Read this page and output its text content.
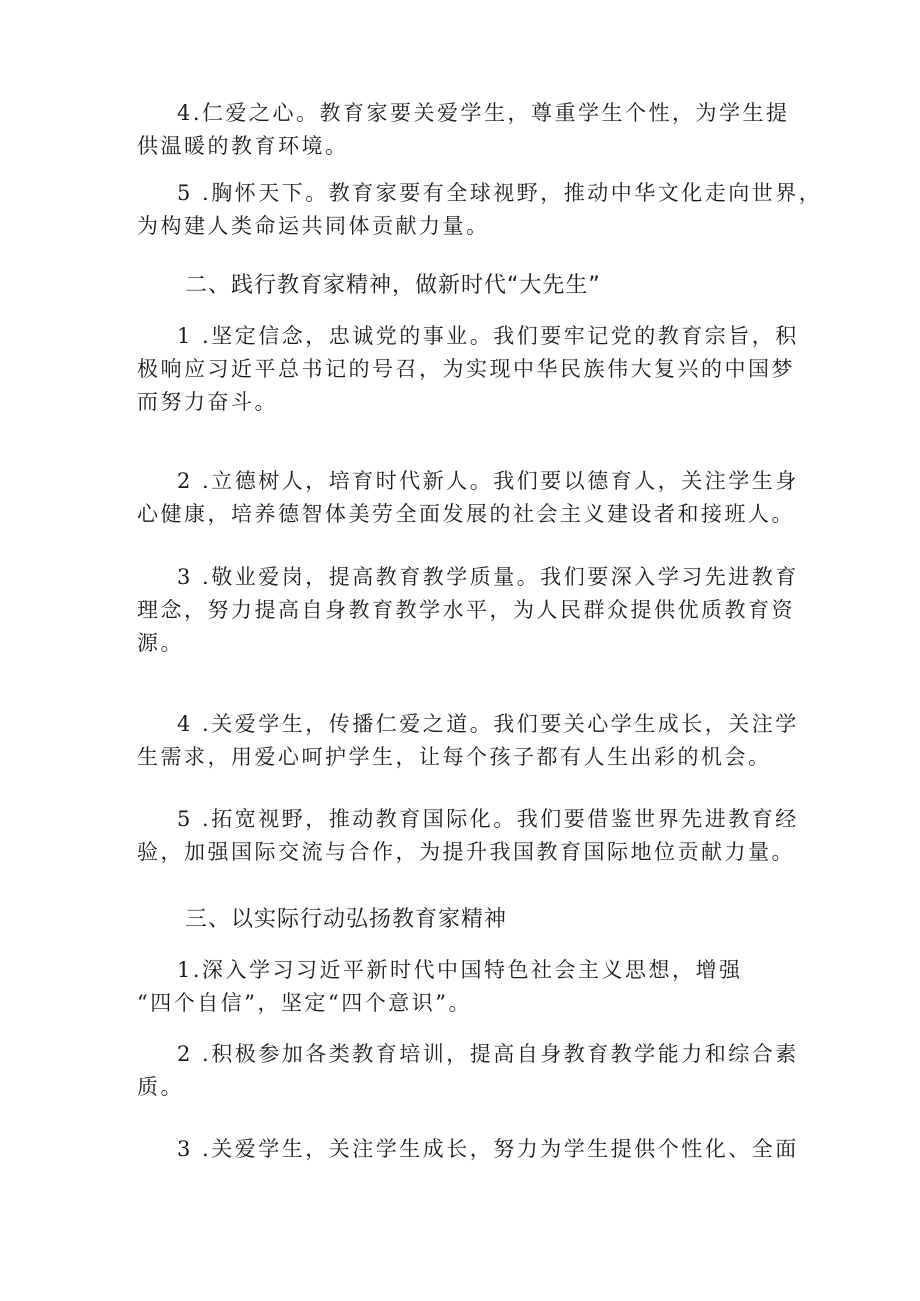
4.仁爱之心。教育家要关爱学生，尊重学生个性，为学生提
供温暖的教育环境。
5 .胸怀天下。教育家要有全球视野，推动中华文化走向世界，
为构建人类命运共同体贡献力量。
二、践行教育家精神，做新时代“大先生”
1 .坚定信念，忠诚党的事业。我们要牢记党的教育宗旨，积
极响应习近平总书记的号召，为实现中华民族伟大复兴的中国梦
而努力奋斗。
2 .立德树人，培育时代新人。我们要以德育人，关注学生身
心健康，培养德智体美劳全面发展的社会主义建设者和接班人。
3 .敬业爱岗，提高教育教学质量。我们要深入学习先进教育
理念，努力提高自身教育教学水平，为人民群众提供优质教育资
源。
4 .关爱学生，传播仁爱之道。我们要关心学生成长，关注学
生需求，用爱心呵护学生，让每个孩子都有人生出彩的机会。
5 .拓宽视野，推动教育国际化。我们要借鉴世界先进教育经
验，加强国际交流与合作，为提升我国教育国际地位贡献力量。
三、以实际行动弘扬教育家精神
1.深入学习习近平新时代中国特色社会主义思想，增强
“四个自信”，坚定“四个意识”。
2 .积极参加各类教育培训，提高自身教育教学能力和综合素
质。
3 .关爱学生，关注学生成长，努力为学生提供个性化、全面
